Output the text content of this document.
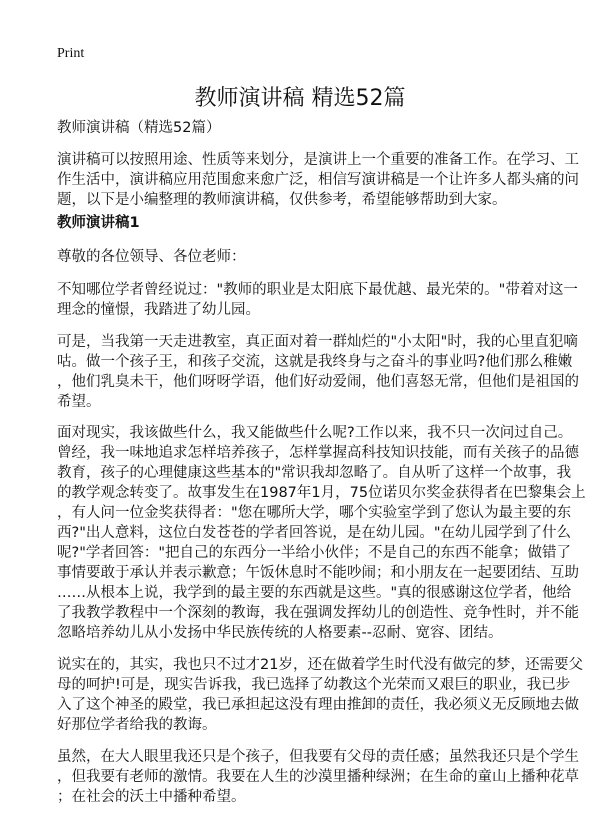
Print
教师演讲稿 精选52篇
教师演讲稿（精选52篇）
演讲稿可以按照用途、性质等来划分，是演讲上一个重要的准备工作。在学习、工
作生活中，演讲稿应用范围愈来愈广泛，相信写演讲稿是一个让许多人都头痛的问
题，以下是小编整理的教师演讲稿，仅供参考，希望能够帮助到大家。
教师演讲稿1
尊敬的各位领导、各位老师：
不知哪位学者曾经说过："教师的职业是太阳底下最优越、最光荣的。"带着对这一
理念的憧憬，我踏进了幼儿园。
可是，当我第一天走进教室，真正面对着一群灿烂的"小太阳"时，我的心里直犯嘀
咕。做一个孩子王，和孩子交流，这就是我终身与之奋斗的事业吗?他们那么稚嫩
，他们乳臭未干，他们呀呀学语，他们好动爱闹，他们喜怒无常，但他们是祖国的
希望。
面对现实，我该做些什么，我又能做些什么呢?工作以来，我不只一次问过自己。
曾经，我一味地追求怎样培养孩子，怎样掌握高科技知识技能，而有关孩子的品德
教育，孩子的心理健康这些基本的"常识我却忽略了。自从听了这样一个故事，我
的教学观念转变了。故事发生在1987年1月，75位诺贝尔奖金获得者在巴黎集会上
，有人问一位金奖获得者："您在哪所大学，哪个实验室学到了您认为最主要的东
西?"出人意料，这位白发苍苍的学者回答说，是在幼儿园。"在幼儿园学到了什么
呢?"学者回答："把自己的东西分一半给小伙伴；不是自己的东西不能拿；做错了
事情要敢于承认并表示歉意；午饭休息时不能吵闹；和小朋友在一起要团结、互助
……从根本上说，我学到的最主要的东西就是这些。"真的很感谢这位学者，他给
了我教学教程中一个深刻的教诲，我在强调发挥幼儿的创造性、竞争性时，并不能
忽略培养幼儿从小发扬中华民族传统的人格要素--忍耐、宽容、团结。
说实在的，其实，我也只不过才21岁，还在做着学生时代没有做完的梦，还需要父
母的呵护!可是，现实告诉我，我已选择了幼教这个光荣而又艰巨的职业，我已步
入了这个神圣的殿堂，我已承担起这没有理由推卸的责任，我必须义无反顾地去做
好那位学者给我的教诲。
虽然，在大人眼里我还只是个孩子，但我要有父母的责任感；虽然我还只是个学生
，但我要有老师的激情。我要在人生的沙漠里播种绿洲；在生命的童山上播种花草
；在社会的沃土中播种希望。
